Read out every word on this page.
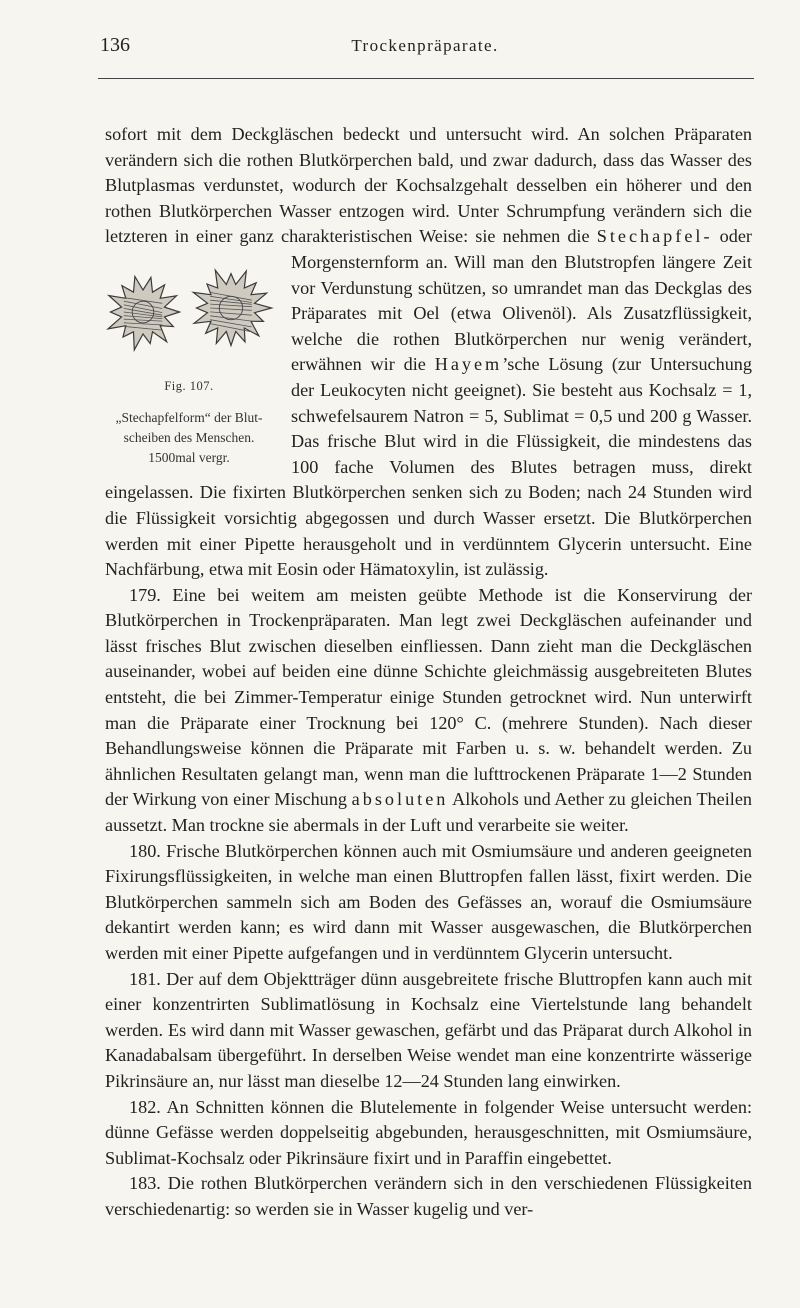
136	Trockenpräparate.

sofort mit dem Deckgläschen bedeckt und untersucht wird. An solchen Präparaten verändern sich die rothen Blutkörperchen bald, und zwar dadurch, dass das Wasser des Blutplasmas verdunstet, wodurch der Kochsalzgehalt desselben ein höherer und den rothen Blutkörperchen Wasser entzogen wird. Unter Schrumpfung verändern sich die letzteren in einer ganz charakteristischen Weise: sie nehmen die Stechapfel-
Fig. 107.
„Stechapfelform“ der Blut-scheiben des Menschen. 1500mal vergr.
oder Morgensternform an. Will man den Blutstropfen längere Zeit vor Verdunstung schützen, so umrandet man das Deckglas des Präparates mit Oel (etwa Olivenöl). Als Zusatzflüssigkeit, welche die rothen Blutkörperchen nur wenig verändert, erwähnen wir die Hayem’sche Lösung (zur Untersuchung der Leukocyten nicht geeignet). Sie besteht aus Kochsalz = 1, schwefelsaurem Natron = 5, Sublimat = 0,5 und 200 g Wasser. Das frische Blut wird in die Flüssigkeit, die mindestens das 100 fache Volumen des Blutes betragen muss, direkt eingelassen. Die fixirten Blutkörperchen senken sich zu Boden; nach 24 Stunden wird die Flüssigkeit vorsichtig abgegossen und durch Wasser ersetzt. Die Blutkörperchen werden mit einer Pipette herausgeholt und in verdünntem Glycerin untersucht. Eine Nachfärbung, etwa mit Eosin oder Hämatoxylin, ist zulässig.

179. Eine bei weitem am meisten geübte Methode ist die Konservirung der Blutkörperchen in Trockenpräparaten. Man legt zwei Deckgläschen aufeinander und lässt frisches Blut zwischen dieselben einfliessen. Dann zieht man die Deckgläschen auseinander, wobei auf beiden eine dünne Schichte gleichmässig ausgebreiteten Blutes entsteht, die bei Zimmer-Temperatur einige Stunden getrocknet wird. Nun unterwirft man die Präparate einer Trocknung bei 120° C. (mehrere Stunden). Nach dieser Behandlungsweise können die Präparate mit Farben u. s. w. behandelt werden. Zu ähnlichen Resultaten gelangt man, wenn man die lufttrockenen Präparate 1—2 Stunden der Wirkung von einer Mischung absoluten Alkohols und Aether zu gleichen Theilen aussetzt. Man trockne sie abermals in der Luft und verarbeite sie weiter.

180. Frische Blutkörperchen können auch mit Osmiumsäure und anderen geeigneten Fixirungsflüssigkeiten, in welche man einen Bluttropfen fallen lässt, fixirt werden. Die Blutkörperchen sammeln sich am Boden des Gefässes an, worauf die Osmiumsäure dekantirt werden kann; es wird dann mit Wasser ausgewaschen, die Blutkörperchen werden mit einer Pipette aufgefangen und in verdünntem Glycerin untersucht.

181. Der auf dem Objektträger dünn ausgebreitete frische Bluttropfen kann auch mit einer konzentrirten Sublimatlösung in Kochsalz eine Viertelstunde lang behandelt werden. Es wird dann mit Wasser gewaschen, gefärbt und das Präparat durch Alkohol in Kanadabalsam übergeführt. In derselben Weise wendet man eine konzentrirte wässerige Pikrinsäure an, nur lässt man dieselbe 12—24 Stunden lang einwirken.

182. An Schnitten können die Blutelemente in folgender Weise untersucht werden: dünne Gefässe werden doppelseitig abgebunden, herausgeschnitten, mit Osmiumsäure, Sublimat-Kochsalz oder Pikrinsäure fixirt und in Paraffin eingebettet.

183. Die rothen Blutkörperchen verändern sich in den verschiedenen Flüssigkeiten verschiedenartig: so werden sie in Wasser kugelig und ver-
